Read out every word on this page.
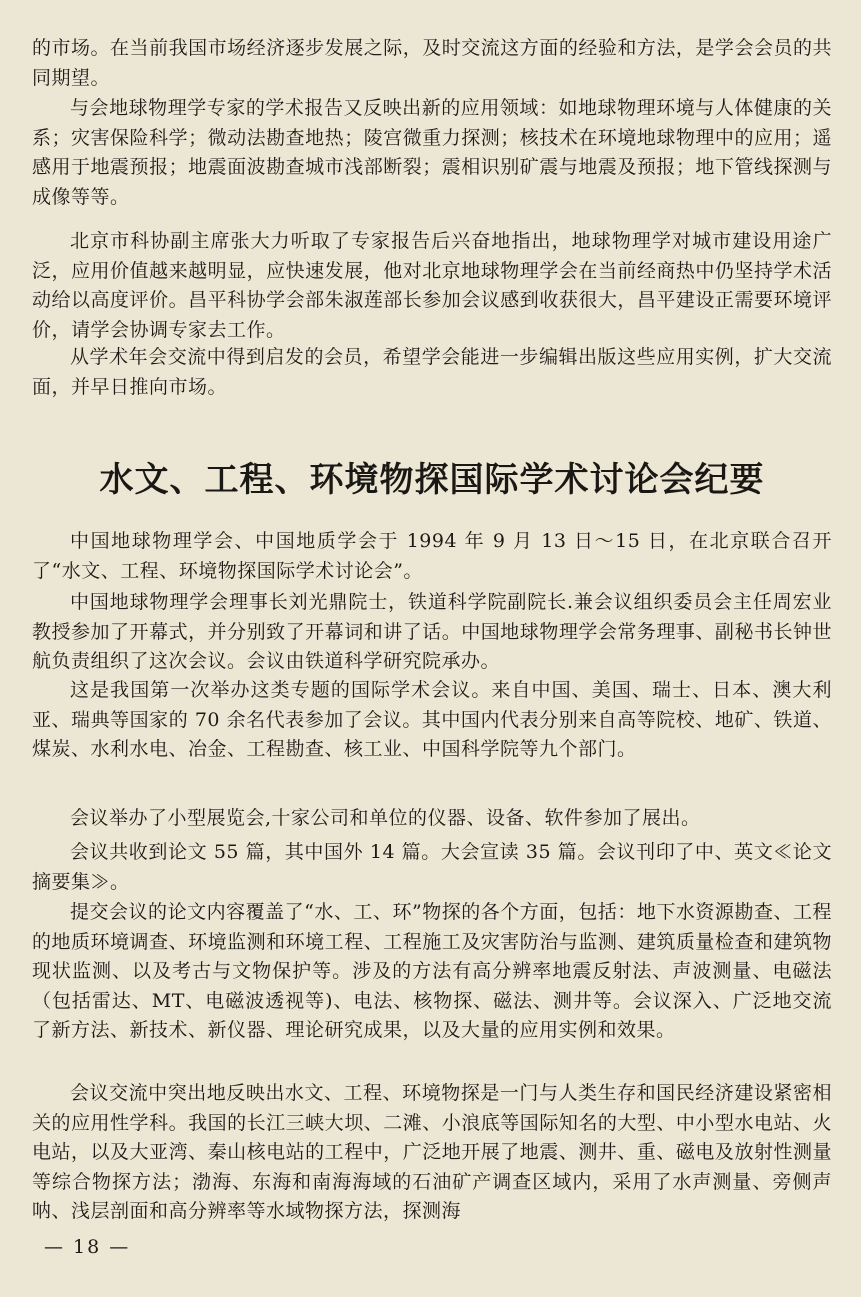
的市场。在当前我国市场经济逐步发展之际，及时交流这方面的经验和方法，是学会会员的共同期望。

与会地球物理学专家的学术报告又反映出新的应用领域：如地球物理环境与人体健康的关系；灾害保险科学；微动法勘查地热；陵宫微重力探测；核技术在环境地球物理中的应用；遥感用于地震预报；地震面波勘查城市浅部断裂；震相识别矿震与地震及预报；地下管线探测与成像等等。

北京市科协副主席张大力听取了专家报告后兴奋地指出，地球物理学对城市建设用途广泛，应用价值越来越明显，应快速发展，他对北京地球物理学会在当前经商热中仍坚持学术活动给以高度评价。昌平科协学会部朱淑莲部长参加会议感到收获很大，昌平建设正需要环境评价，请学会协调专家去工作。

从学术年会交流中得到启发的会员，希望学会能进一步编辑出版这些应用实例，扩大交流面，并早日推向市场。

水文、工程、环境物探国际学术讨论会纪要

中国地球物理学会、中国地质学会于 1994 年 9 月 13 日～15 日，在北京联合召开了“水文、工程、环境物探国际学术讨论会”。

中国地球物理学会理事长刘光鼎院士，铁道科学院副院长.兼会议组织委员会主任周宏业教授参加了开幕式，并分别致了开幕词和讲了话。中国地球物理学会常务理事、副秘书长钟世航负责组织了这次会议。会议由铁道科学研究院承办。

这是我国第一次举办这类专题的国际学术会议。来自中国、美国、瑞士、日本、澳大利亚、瑞典等国家的 70 余名代表参加了会议。其中国内代表分别来自高等院校、地矿、铁道、煤炭、水利水电、冶金、工程勘查、核工业、中国科学院等九个部门。

会议举办了小型展览会,十家公司和单位的仪器、设备、软件参加了展出。

会议共收到论文 55 篇，其中国外 14 篇。大会宣读 35 篇。会议刊印了中、英文≪论文摘要集≫。

提交会议的论文内容覆盖了“水、工、环”物探的各个方面，包括：地下水资源勘查、工程的地质环境调查、环境监测和环境工程、工程施工及灾害防治与监测、建筑质量检查和建筑物现状监测、以及考古与文物保护等。涉及的方法有高分辨率地震反射法、声波测量、电磁法（包括雷达、MT、电磁波透视等)、电法、核物探、磁法、测井等。会议深入、广泛地交流了新方法、新技术、新仪器、理论研究成果，以及大量的应用实例和效果。

会议交流中突出地反映出水文、工程、环境物探是一门与人类生存和国民经济建设紧密相关的应用性学科。我国的长江三峡大坝、二滩、小浪底等国际知名的大型、中小型水电站、火电站，以及大亚湾、秦山核电站的工程中，广泛地开展了地震、测井、重、磁电及放射性测量等综合物探方法；渤海、东海和南海海域的石油矿产调查区域内，采用了水声测量、旁侧声呐、浅层剖面和高分辨率等水域物探方法，探测海

— 18 —
